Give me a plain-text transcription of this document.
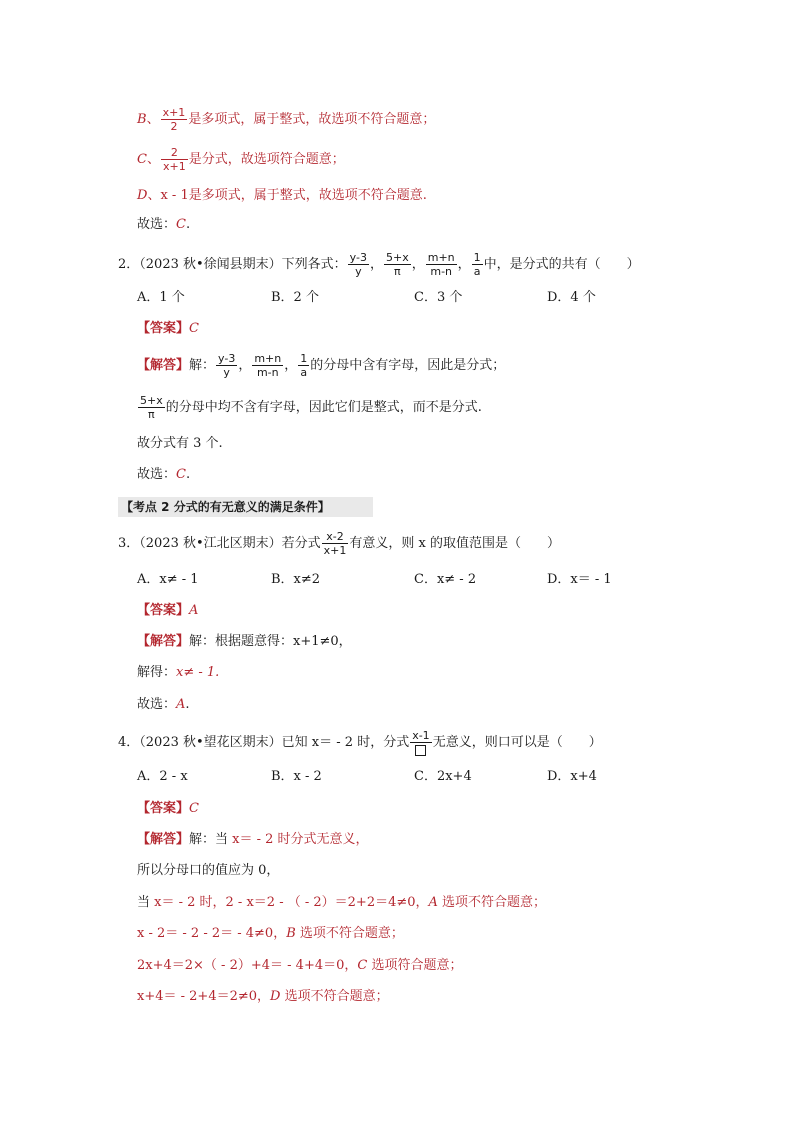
B、 $\frac{x+1}{2}$ 是多项式，属于整式，故选项不符合题意；
C、 $\frac{2}{x+1}$ 是分式，故选项符合题意；
D、x - 1是多项式，属于整式，故选项不符合题意.
故选：C.
2．（2023 秋•徐闻县期末）下列各式： $\frac{y-3}{y}$ ， $\frac{5+x}{\pi}$ ， $\frac{m+n}{m-n}$ ， $\frac{1}{a}$ 中，是分式的共有（　　）
A．1 个	B．2 个	C．3 个	D．4 个
【答案】C
【解答】解： $\frac{y-3}{y}$ ， $\frac{m+n}{m-n}$ ， $\frac{1}{a}$ 的分母中含有字母，因此是分式；
$\frac{5+x}{\pi}$ 的分母中均不含有字母，因此它们是整式，而不是分式.
故分式有 3 个.
故选：C.
【考点 2 分式的有无意义的满足条件】
3．（2023 秋•江北区期末）若分式 $\frac{x-2}{x+1}$ 有意义，则 x 的取值范围是（　　）
A．x≠ - 1	B．x≠2	C．x≠ - 2	D．x＝ - 1
【答案】A
【解答】解：根据题意得：x+1≠0，
解得：x≠ - 1.
故选：A.
4．（2023 秋•望花区期末）已知 x＝ - 2 时，分式 x-1 无意义，则口可以是（　　）
A．2 - x	B．x - 2	C．2x+4	D．x+4
【答案】C
【解答】解：当 x＝ - 2 时分式无意义，
所以分母口的值应为 0，
当 x＝ - 2 时，2 - x＝2 - （ - 2）＝2+2＝4≠0，A 选项不符合题意；
x - 2＝ - 2 - 2＝ - 4≠0，B 选项不符合题意；
2x+4＝2×（ - 2）+4＝ - 4+4＝0，C 选项符合题意；
x+4＝ - 2+4＝2≠0，D 选项不符合题意；
